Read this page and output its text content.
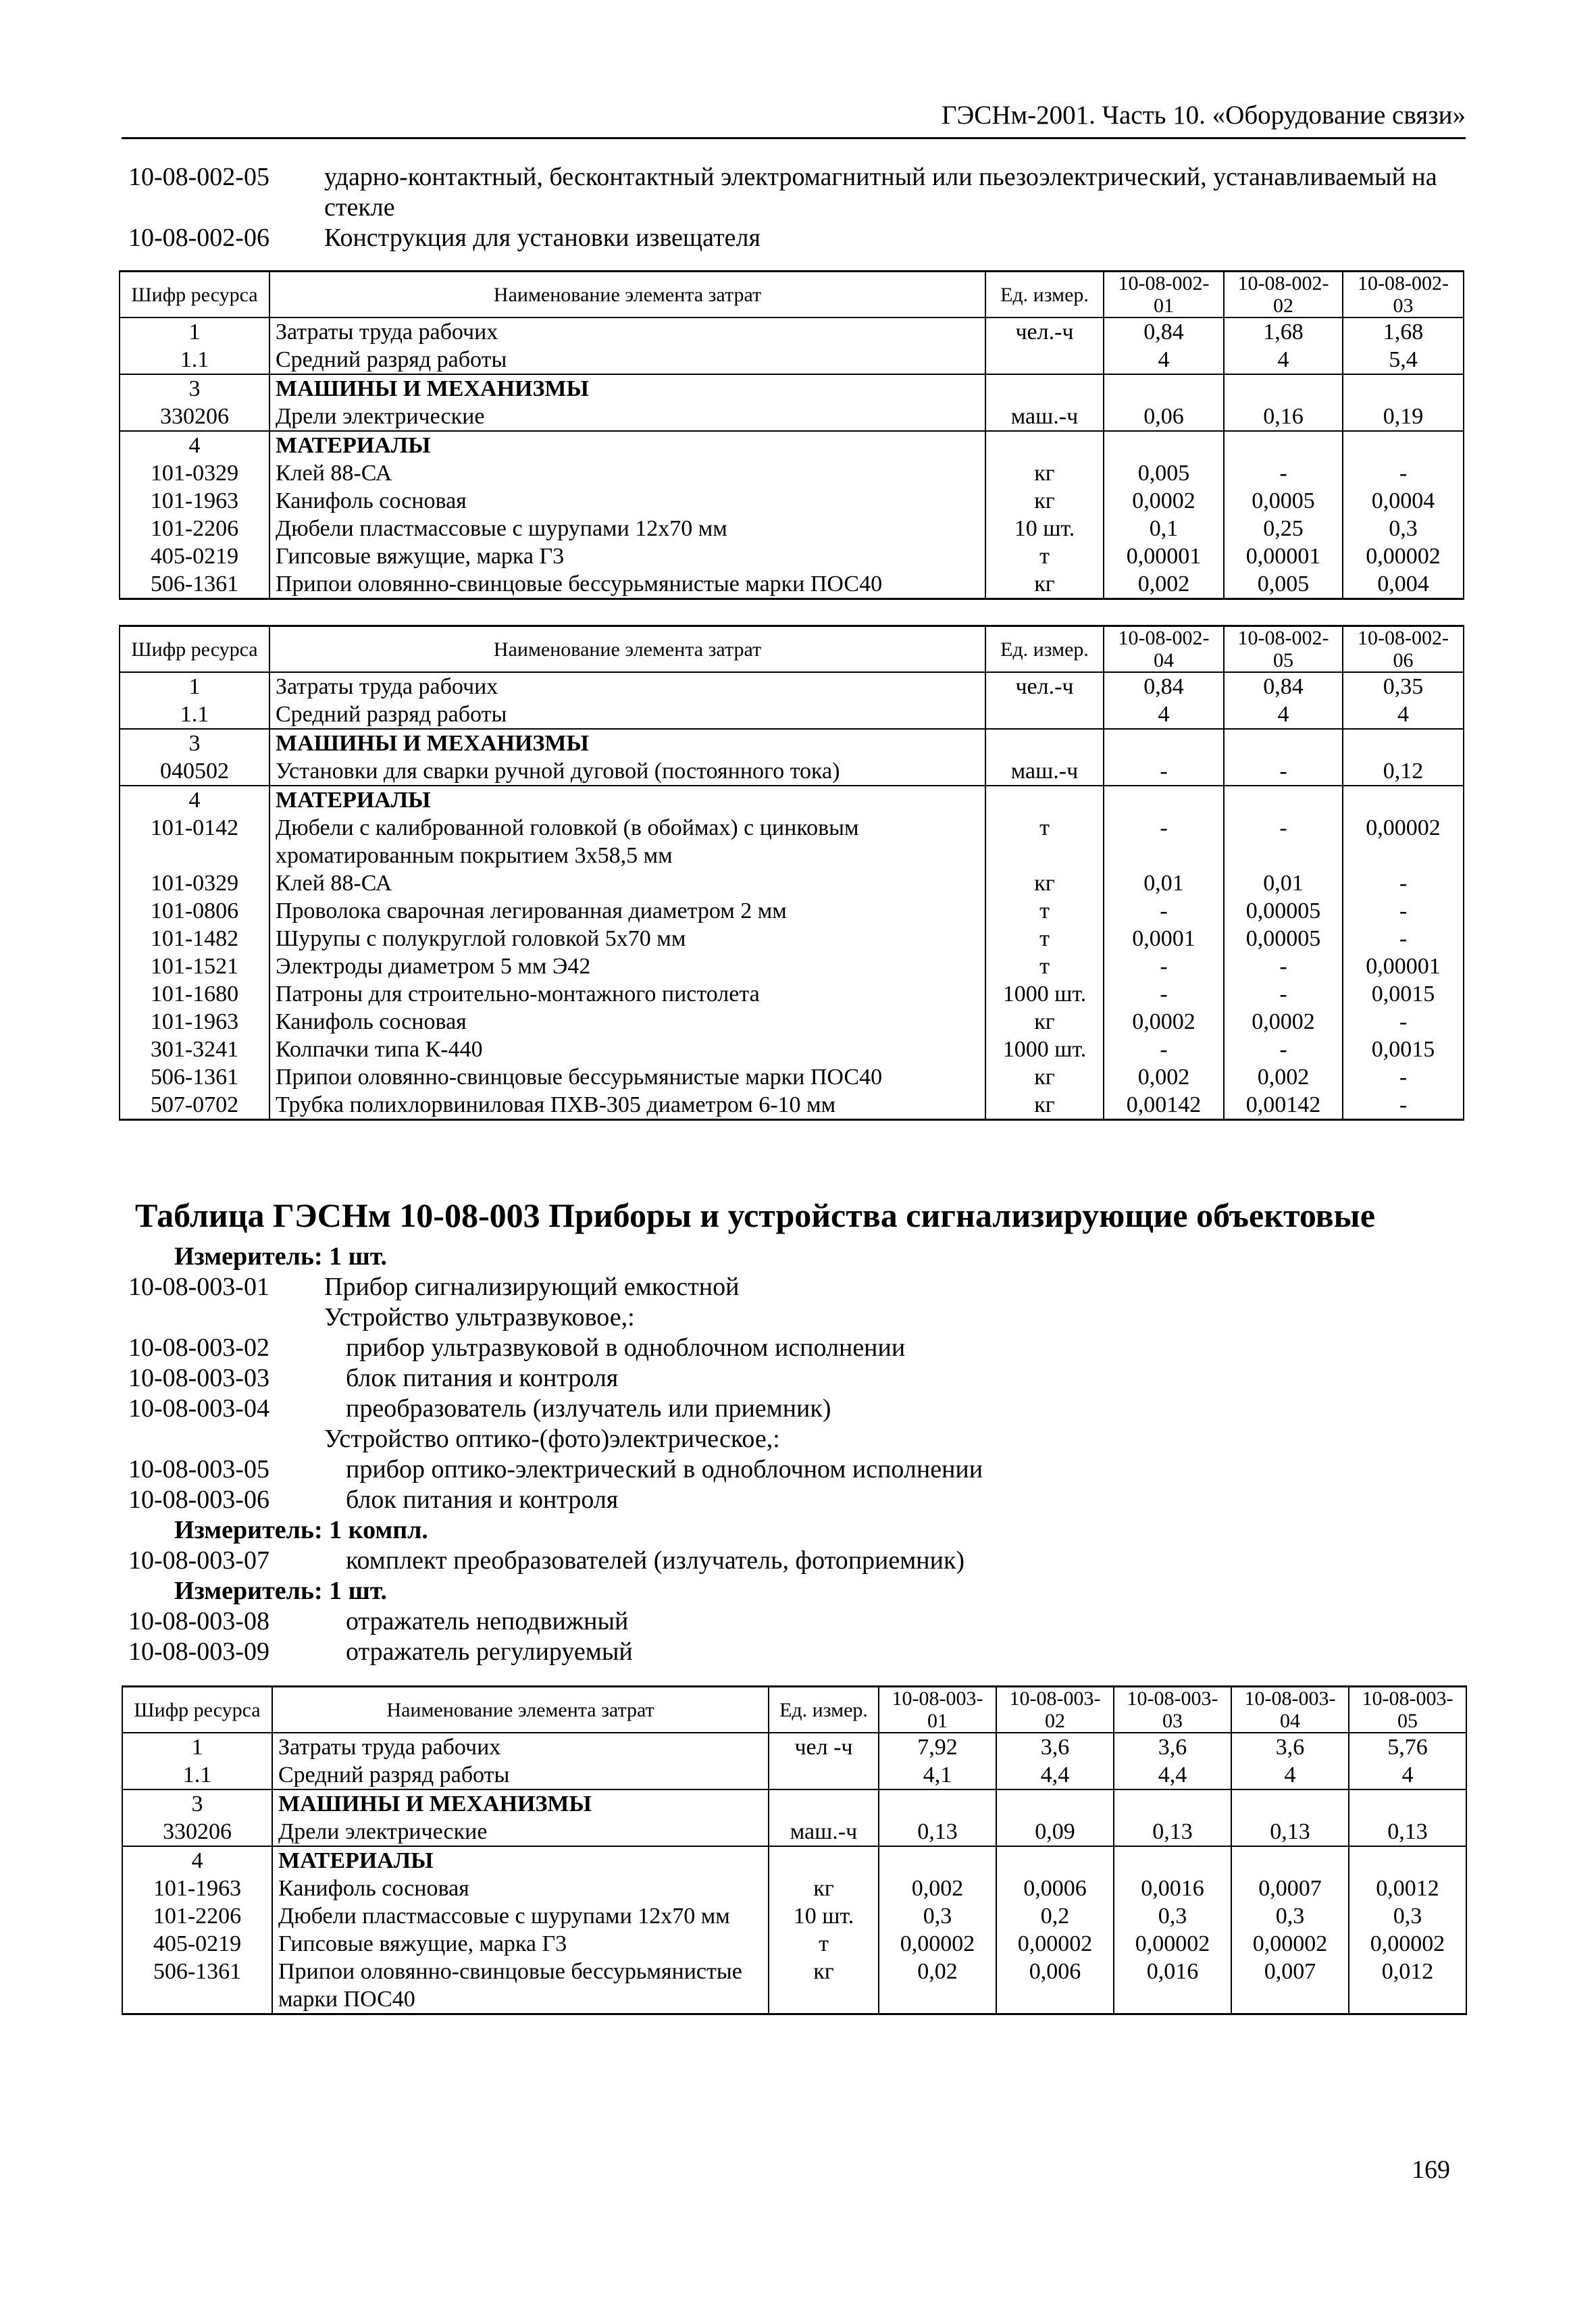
ГЭСНм-2001. Часть 10. «Оборудование связи»
10-08-002-05	ударно-контактный, бесконтактный электромагнитный или пьезоэлектрический, устанавливаемый на стекле
10-08-002-06	Конструкция для установки извещателя
Шифр ресурса	Наименование элемента затрат	Ед. измер.	10-08-002-01	10-08-002-02	10-08-002-03
1	Затраты труда рабочих	чел.-ч	0,84	1,68	1,68
1.1	Средний разряд работы		4	4	5,4
3	МАШИНЫ И МЕХАНИЗМЫ				
330206	Дрели электрические	маш.-ч	0,06	0,16	0,19
4	МАТЕРИАЛЫ				
101-0329	Клей 88-СА	кг	0,005	-	-
101-1963	Канифоль сосновая	кг	0,0002	0,0005	0,0004
101-2206	Дюбели пластмассовые с шурупами 12х70 мм	10 шт.	0,1	0,25	0,3
405-0219	Гипсовые вяжущие, марка Г3	т	0,00001	0,00001	0,00002
506-1361	Припои оловянно-свинцовые бессурьмянистые марки ПОС40	кг	0,002	0,005	0,004
Шифр ресурса	Наименование элемента затрат	Ед. измер.	10-08-002-04	10-08-002-05	10-08-002-06
1	Затраты труда рабочих	чел.-ч	0,84	0,84	0,35
1.1	Средний разряд работы		4	4	4
3	МАШИНЫ И МЕХАНИЗМЫ				
040502	Установки для сварки ручной дуговой (постоянного тока)	маш.-ч	-	-	0,12
4	МАТЕРИАЛЫ				
101-0142	Дюбели с калиброванной головкой (в обоймах) с цинковым хроматированным покрытием 3х58,5 мм	т	-	-	0,00002
101-0329	Клей 88-СА	кг	0,01	0,01	-
101-0806	Проволока сварочная легированная диаметром 2 мм	т	-	0,00005	-
101-1482	Шурупы с полукруглой головкой 5х70 мм	т	0,0001	0,00005	-
101-1521	Электроды диаметром 5 мм Э42	т	-	-	0,00001
101-1680	Патроны для строительно-монтажного пистолета	1000 шт.	-	-	0,0015
101-1963	Канифоль сосновая	кг	0,0002	0,0002	-
301-3241	Колпачки типа К-440	1000 шт.	-	-	0,0015
506-1361	Припои оловянно-свинцовые бессурьмянистые марки ПОС40	кг	0,002	0,002	-
507-0702	Трубка полихлорвиниловая ПХВ-305 диаметром 6-10 мм	кг	0,00142	0,00142	-
Таблица ГЭСНм 10-08-003 Приборы и устройства сигнализирующие объектовые
Измеритель: 1 шт.
10-08-003-01	Прибор сигнализирующий емкостной
Устройство ультразвуковое,:
10-08-003-02	прибор ультразвуковой в одноблочном исполнении
10-08-003-03	блок питания и контроля
10-08-003-04	преобразователь (излучатель или приемник)
Устройство оптико-(фото)электрическое,:
10-08-003-05	прибор оптико-электрический в одноблочном исполнении
10-08-003-06	блок питания и контроля
Измеритель: 1 компл.
10-08-003-07	комплект преобразователей (излучатель, фотоприемник)
Измеритель: 1 шт.
10-08-003-08	отражатель неподвижный
10-08-003-09	отражатель регулируемый
Шифр ресурса	Наименование элемента затрат	Ед. измер.	10-08-003-01	10-08-003-02	10-08-003-03	10-08-003-04	10-08-003-05
1	Затраты труда рабочих	чел -ч	7,92	3,6	3,6	3,6	5,76
1.1	Средний разряд работы		4,1	4,4	4,4	4	4
3	МАШИНЫ И МЕХАНИЗМЫ						
330206	Дрели электрические	маш.-ч	0,13	0,09	0,13	0,13	0,13
4	МАТЕРИАЛЫ						
101-1963	Канифоль сосновая	кг	0,002	0,0006	0,0016	0,0007	0,0012
101-2206	Дюбели пластмассовые с шурупами 12х70 мм	10 шт.	0,3	0,2	0,3	0,3	0,3
405-0219	Гипсовые вяжущие, марка Г3	т	0,00002	0,00002	0,00002	0,00002	0,00002
506-1361	Припои оловянно-свинцовые бессурьмянистые марки ПОС40	кг	0,02	0,006	0,016	0,007	0,012
169
